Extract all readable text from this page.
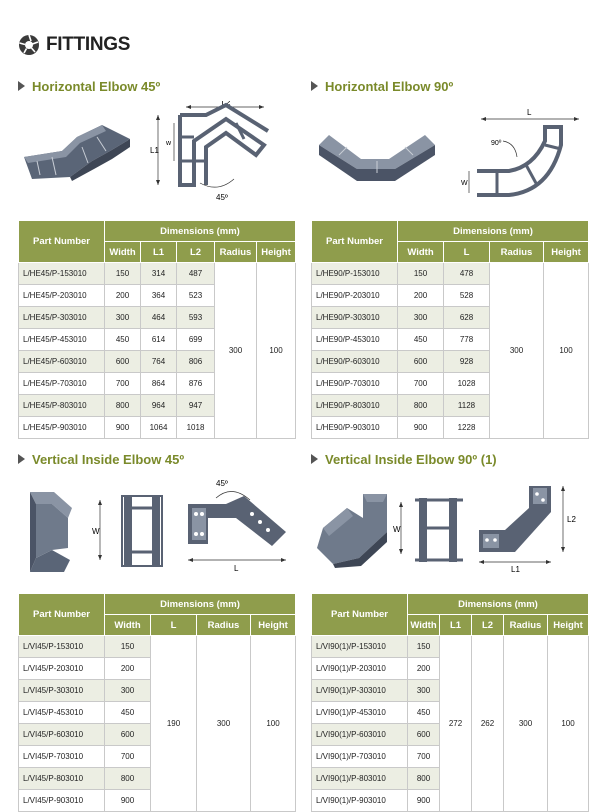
FITTINGS
Horizontal Elbow 45º
L2
L1
w
45º
Part Number	Dimensions (mm)				
	Width	L1	L2	Radius	Height
L/HE45/P-153010	150	314	487	300	100
L/HE45/P-203010	200	364	523		
L/HE45/P-303010	300	464	593		
L/HE45/P-453010	450	614	699		
L/HE45/P-603010	600	764	806		
L/HE45/P-703010	700	864	876		
L/HE45/P-803010	800	964	947		
L/HE45/P-903010	900	1064	1018		
Horizontal Elbow 90º
L
90º
W
Part Number	Dimensions (mm)			
	Width	L	Radius	Height
L/HE90/P-153010	150	478	300	100
L/HE90/P-203010	200	528		
L/HE90/P-303010	300	628		
L/HE90/P-453010	450	778		
L/HE90/P-603010	600	928		
L/HE90/P-703010	700	1028		
L/HE90/P-803010	800	1128		
L/HE90/P-903010	900	1228		
Vertical Inside Elbow 45º
W
45º
L
Part Number	Dimensions (mm)			
	Width	L	Radius	Height
L/VI45/P-153010	150	190	300	100
L/VI45/P-203010	200			
L/VI45/P-303010	300			
L/VI45/P-453010	450			
L/VI45/P-603010	600			
L/VI45/P-703010	700			
L/VI45/P-803010	800			
L/VI45/P-903010	900			
Vertical Inside Elbow 90º (1)
W
L2
L1
Part Number	Dimensions (mm)				
	Width	L1	L2	Radius	Height
L/VI90(1)/P-153010	150	272	262	300	100
L/VI90(1)/P-203010	200				
L/VI90(1)/P-303010	300				
L/VI90(1)/P-453010	450				
L/VI90(1)/P-603010	600				
L/VI90(1)/P-703010	700				
L/VI90(1)/P-803010	800				
L/VI90(1)/P-903010	900				
